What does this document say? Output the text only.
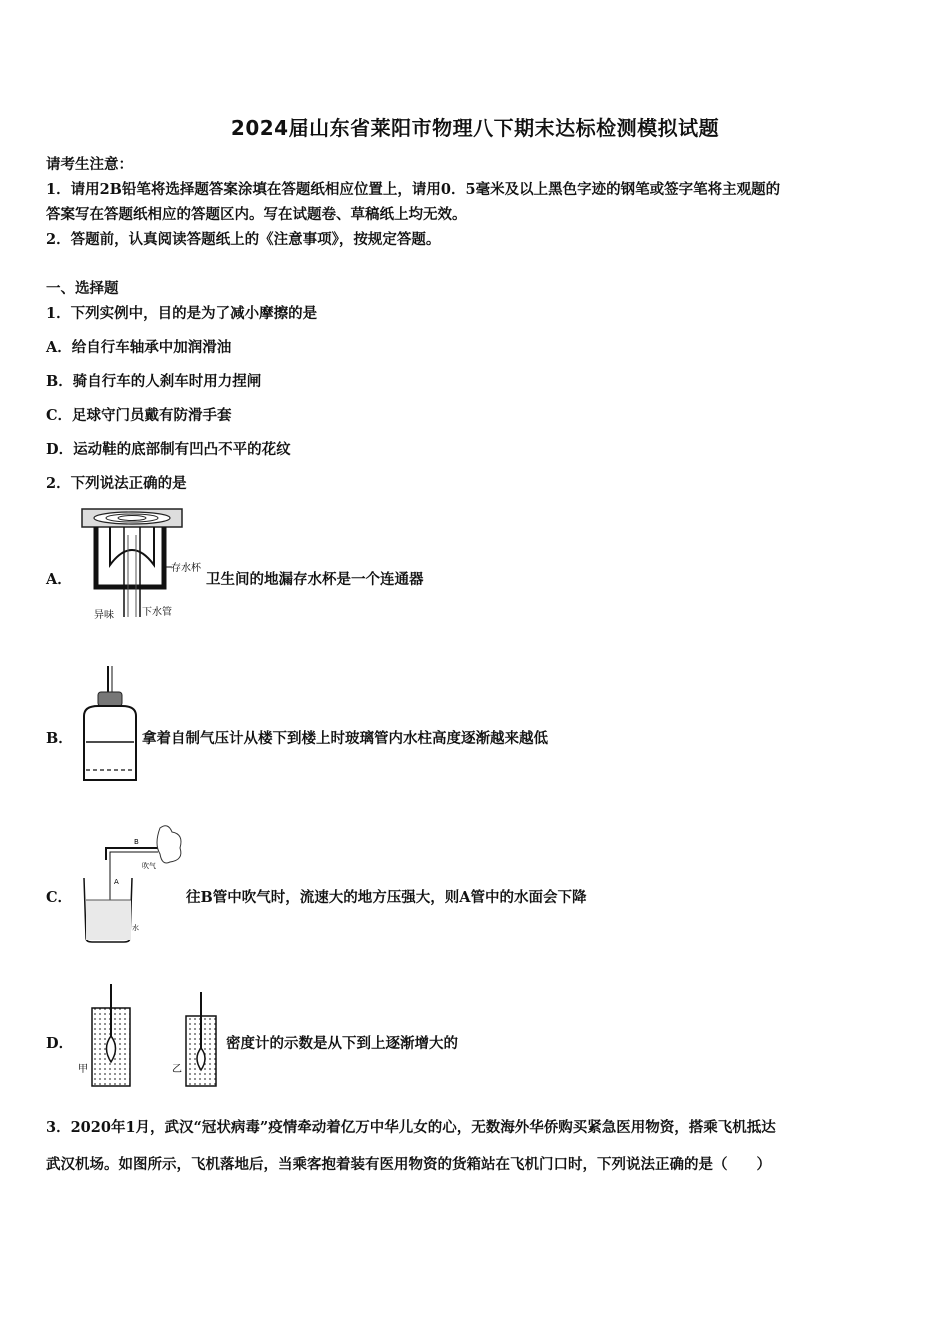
2024届山东省莱阳市物理八下期末达标检测模拟试题
请考生注意：
1．请用2B铅笔将选择题答案涂填在答题纸相应位置上，请用0．5毫米及以上黑色字迹的钢笔或签字笔将主观题的
答案写在答题纸相应的答题区内。写在试题卷、草稿纸上均无效。
2．答题前，认真阅读答题纸上的《注意事项》，按规定答题。
一、选择题
1．下列实例中，目的是为了减小摩擦的是
A．给自行车轴承中加润滑油
B．骑自行车的人刹车时用力捏闸
C．足球守门员戴有防滑手套
D．运动鞋的底部制有凹凸不平的花纹
2．下列说法正确的是
A．
存水杯
异味	下水管
卫生间的地漏存水杯是一个连通器
B．	拿着自制气压计从楼下到楼上时玻璃管内水柱高度逐渐越来越低
C．
B
A
吹气
水
往B管中吹气时，流速大的地方压强大，则A管中的水面会下降
D．
甲	乙
密度计的示数是从下到上逐渐增大的
3．2020年1月，武汉“冠状病毒”疫情牵动着亿万中华儿女的心，无数海外华侨购买紧急医用物资，搭乘飞机抵达
武汉机场。如图所示，飞机落地后，当乘客抱着装有医用物资的货箱站在飞机门口时，下列说法正确的是（　　）
